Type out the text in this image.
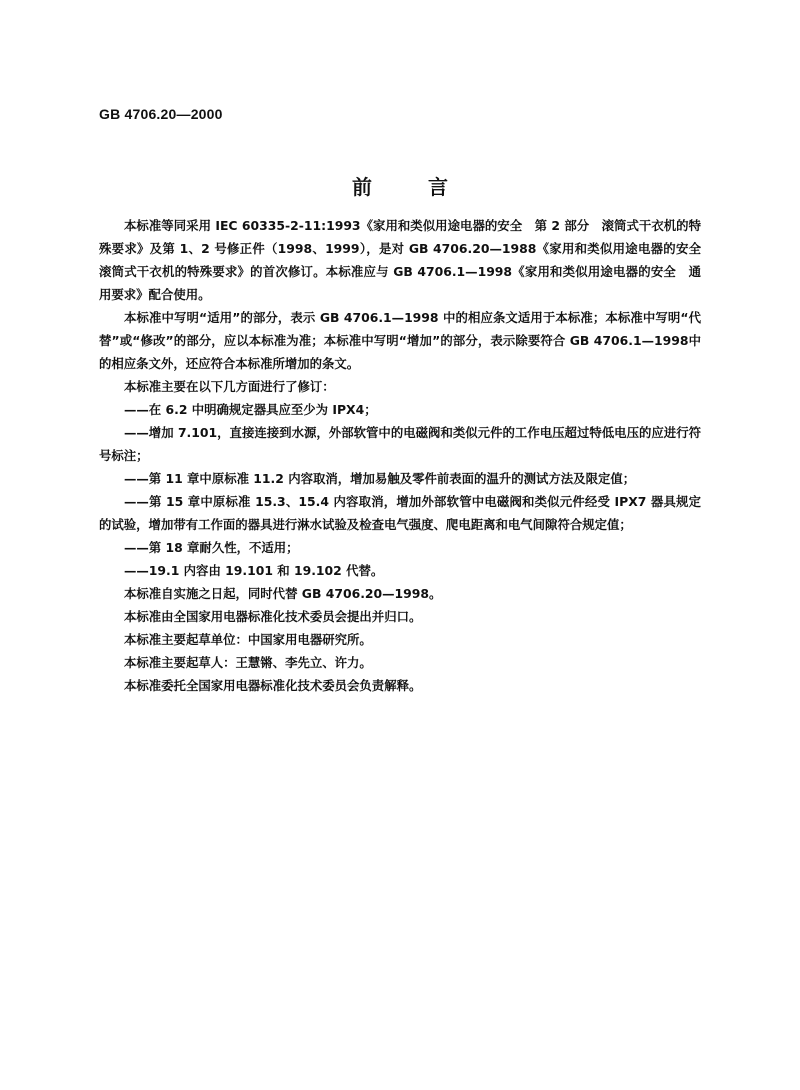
GB 4706.20—2000
前	言

本标准等同采用 IEC 60335-2-11:1993《家用和类似用途电器的安全　第 2 部分　滚筒式干衣机的特殊要求》及第 1、2 号修正件（1998、1999），是对 GB 4706.20—1988《家用和类似用途电器的安全　滚筒式干衣机的特殊要求》的首次修订。本标准应与 GB 4706.1—1998《家用和类似用途电器的安全　通用要求》配合使用。

本标准中写明“适用”的部分，表示 GB 4706.1—1998 中的相应条文适用于本标准；本标准中写明“代替”或“修改”的部分，应以本标准为准；本标准中写明“增加”的部分，表示除要符合 GB 4706.1—1998中的相应条文外，还应符合本标准所增加的条文。

本标准主要在以下几方面进行了修订：

——在 6.2 中明确规定器具应至少为 IPX4；

——增加 7.101，直接连接到水源，外部软管中的电磁阀和类似元件的工作电压超过特低电压的应进行符号标注；

——第 11 章中原标准 11.2 内容取消，增加易触及零件前表面的温升的测试方法及限定值；

——第 15 章中原标准 15.3、15.4 内容取消，增加外部软管中电磁阀和类似元件经受 IPX7 器具规定的试验，增加带有工作面的器具进行淋水试验及检查电气强度、爬电距离和电气间隙符合规定值；

——第 18 章耐久性，不适用；

——19.1 内容由 19.101 和 19.102 代替。

本标准自实施之日起，同时代替 GB 4706.20—1998。

本标准由全国家用电器标准化技术委员会提出并归口。

本标准主要起草单位：中国家用电器研究所。

本标准主要起草人：王慧锵、李先立、许力。

本标准委托全国家用电器标准化技术委员会负责解释。
